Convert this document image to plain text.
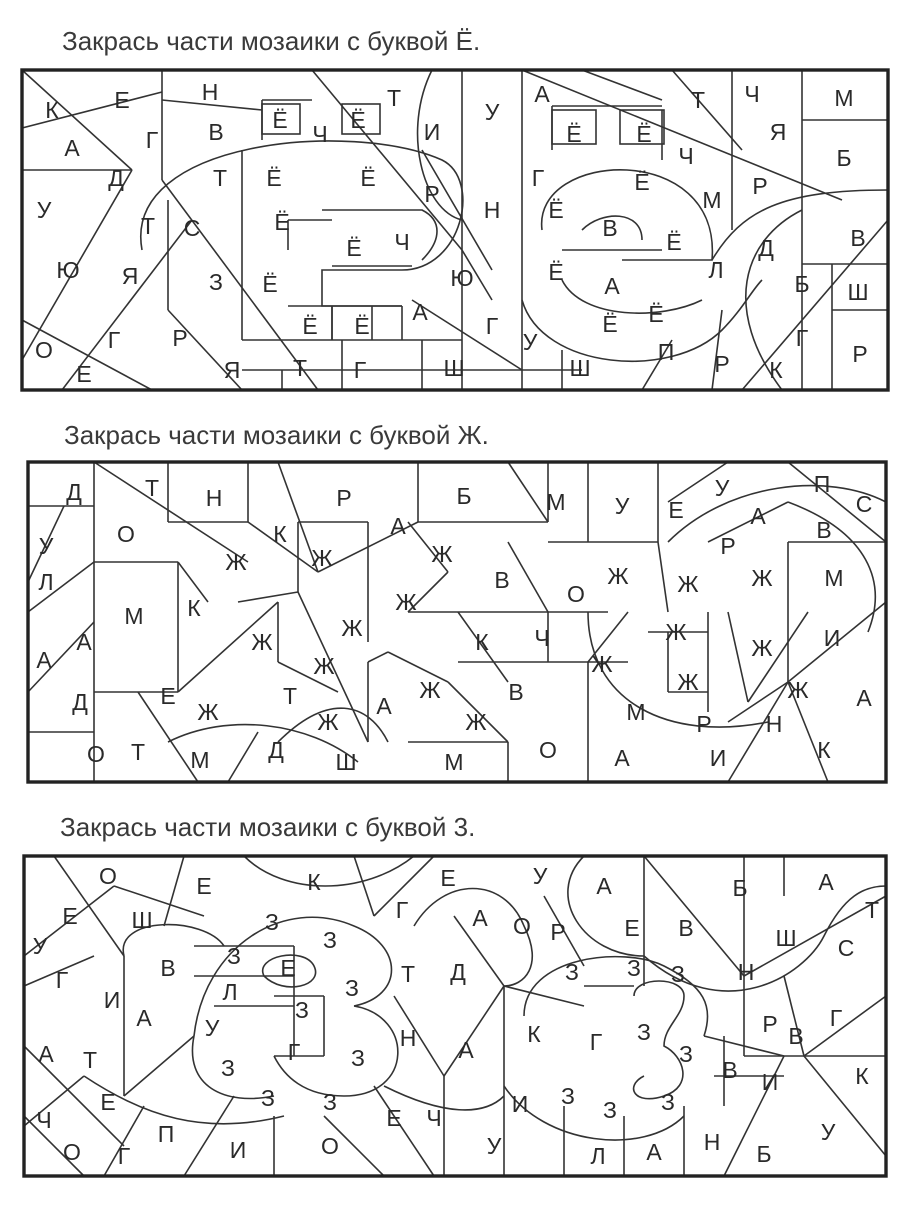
Закрась части мозаики с буквой Ё.
К Е	Н
Ё
Ч
Ё
Т
У
А	Т Ч	М
А	Г В	И	Ё Ё	Я
Б
Ч
Д	Т Ё	Ё
Р
Г	Ё
М
Р
У
Т С	Ё	Н Ё
В
Ё
Ч
Ё	Д	В
Ю Я	З Ё	Ю	Ё	Л
Б
А	Ш
Ё Ё
А	Ё Ё
Г	Г
Р
Г	У	Р
О
Е	Я Т Г	Ш	Ш
П Р К
Закрась части мозаики с буквой Ж.
Д	Т Н	Р	Б	М У Е
У	П
С
У	О	К	А	А
В
Р
Ж	Ж	Ж
Ж Ж Ж М
Л	В
О
М К	Ж
Ж
А	К Ч	Ж	И
Ж	Ж
А	Ж	Ж
Ж	Ж
Д	Е	Т	Ж	В	А
Ж	А
Ж	М Р Н
Ж
О Т М	Д Ш	М	О А	И	К
Закрась части мозаики с буквой 3.
О	Е	К	Е	У А	Б	А
Т
Е Ш	З	Г	А О Р	Е В	Ш С
У	З
З Е	Т Д	З З З Н
Г	В
И	Л	З
А	З
Р В
Г
У	К Г З
Н А
А Т	Г З	З
З	В И	К
Е	З З
Е Ч
И З
З З
Ч
П
И	О	У
У
Н
О Г	Л А	Б
